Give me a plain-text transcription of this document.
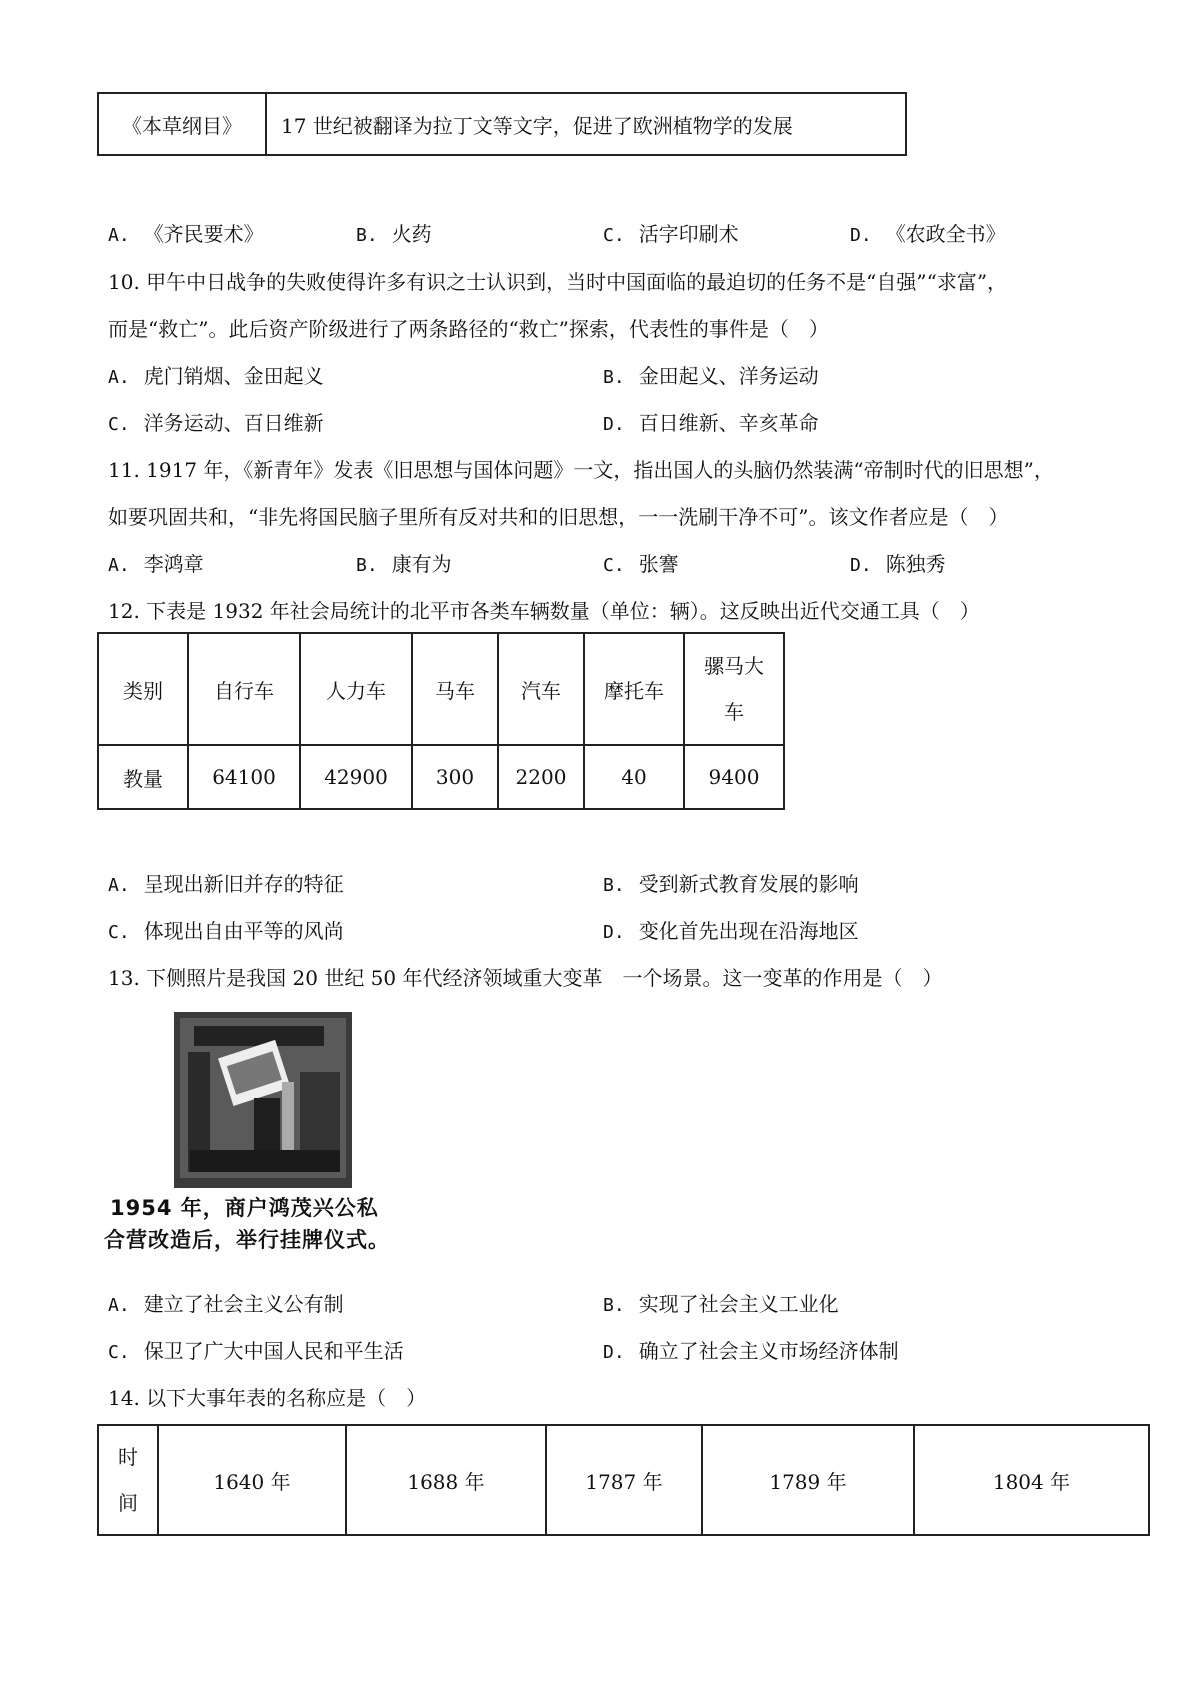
《本草纲目》	17 世纪被翻译为拉丁文等文字，促进了欧洲植物学的发展
A. 《齐民要术》	B. 火药	C. 活字印刷术	D. 《农政全书》
10. 甲午中日战争的失败使得许多有识之士认识到，当时中国面临的最迫切的任务不是“自强”“求富”，
而是“救亡”。此后资产阶级进行了两条路径的“救亡”探索，代表性的事件是（　）
A. 虎门销烟、金田起义	B. 金田起义、洋务运动
C. 洋务运动、百日维新	D. 百日维新、辛亥革命
11. 1917 年，《新青年》发表《旧思想与国体问题》一文，指出国人的头脑仍然装满“帝制时代的旧思想”，
如要巩固共和，“非先将国民脑子里所有反对共和的旧思想，一一洗刷干净不可”。该文作者应是（　）
A. 李鸿章	B. 康有为	C. 张謇	D. 陈独秀
12. 下表是 1932 年社会局统计的北平市各类车辆数量（单位：辆）。这反映出近代交通工具（　）
类别	自行车	人力车	马车	汽车	摩托车	骡马大
车
教量	64100	42900	300	2200	40	9400
A. 呈现出新旧并存的特征	B. 受到新式教育发展的影响
C. 体现出自由平等的风尚	D. 变化首先出现在沿海地区
13. 下侧照片是我国 20 世纪 50 年代经济领域重大变革　一个场景。这一变革的作用是（　）
1954 年，商户鸿茂兴公私
合营改造后，举行挂牌仪式。
A. 建立了社会主义公有制	B. 实现了社会主义工业化
C. 保卫了广大中国人民和平生活	D. 确立了社会主义市场经济体制
14. 以下大事年表的名称应是（　）
时
间	1640 年	1688 年	1787 年	1789 年	1804 年
